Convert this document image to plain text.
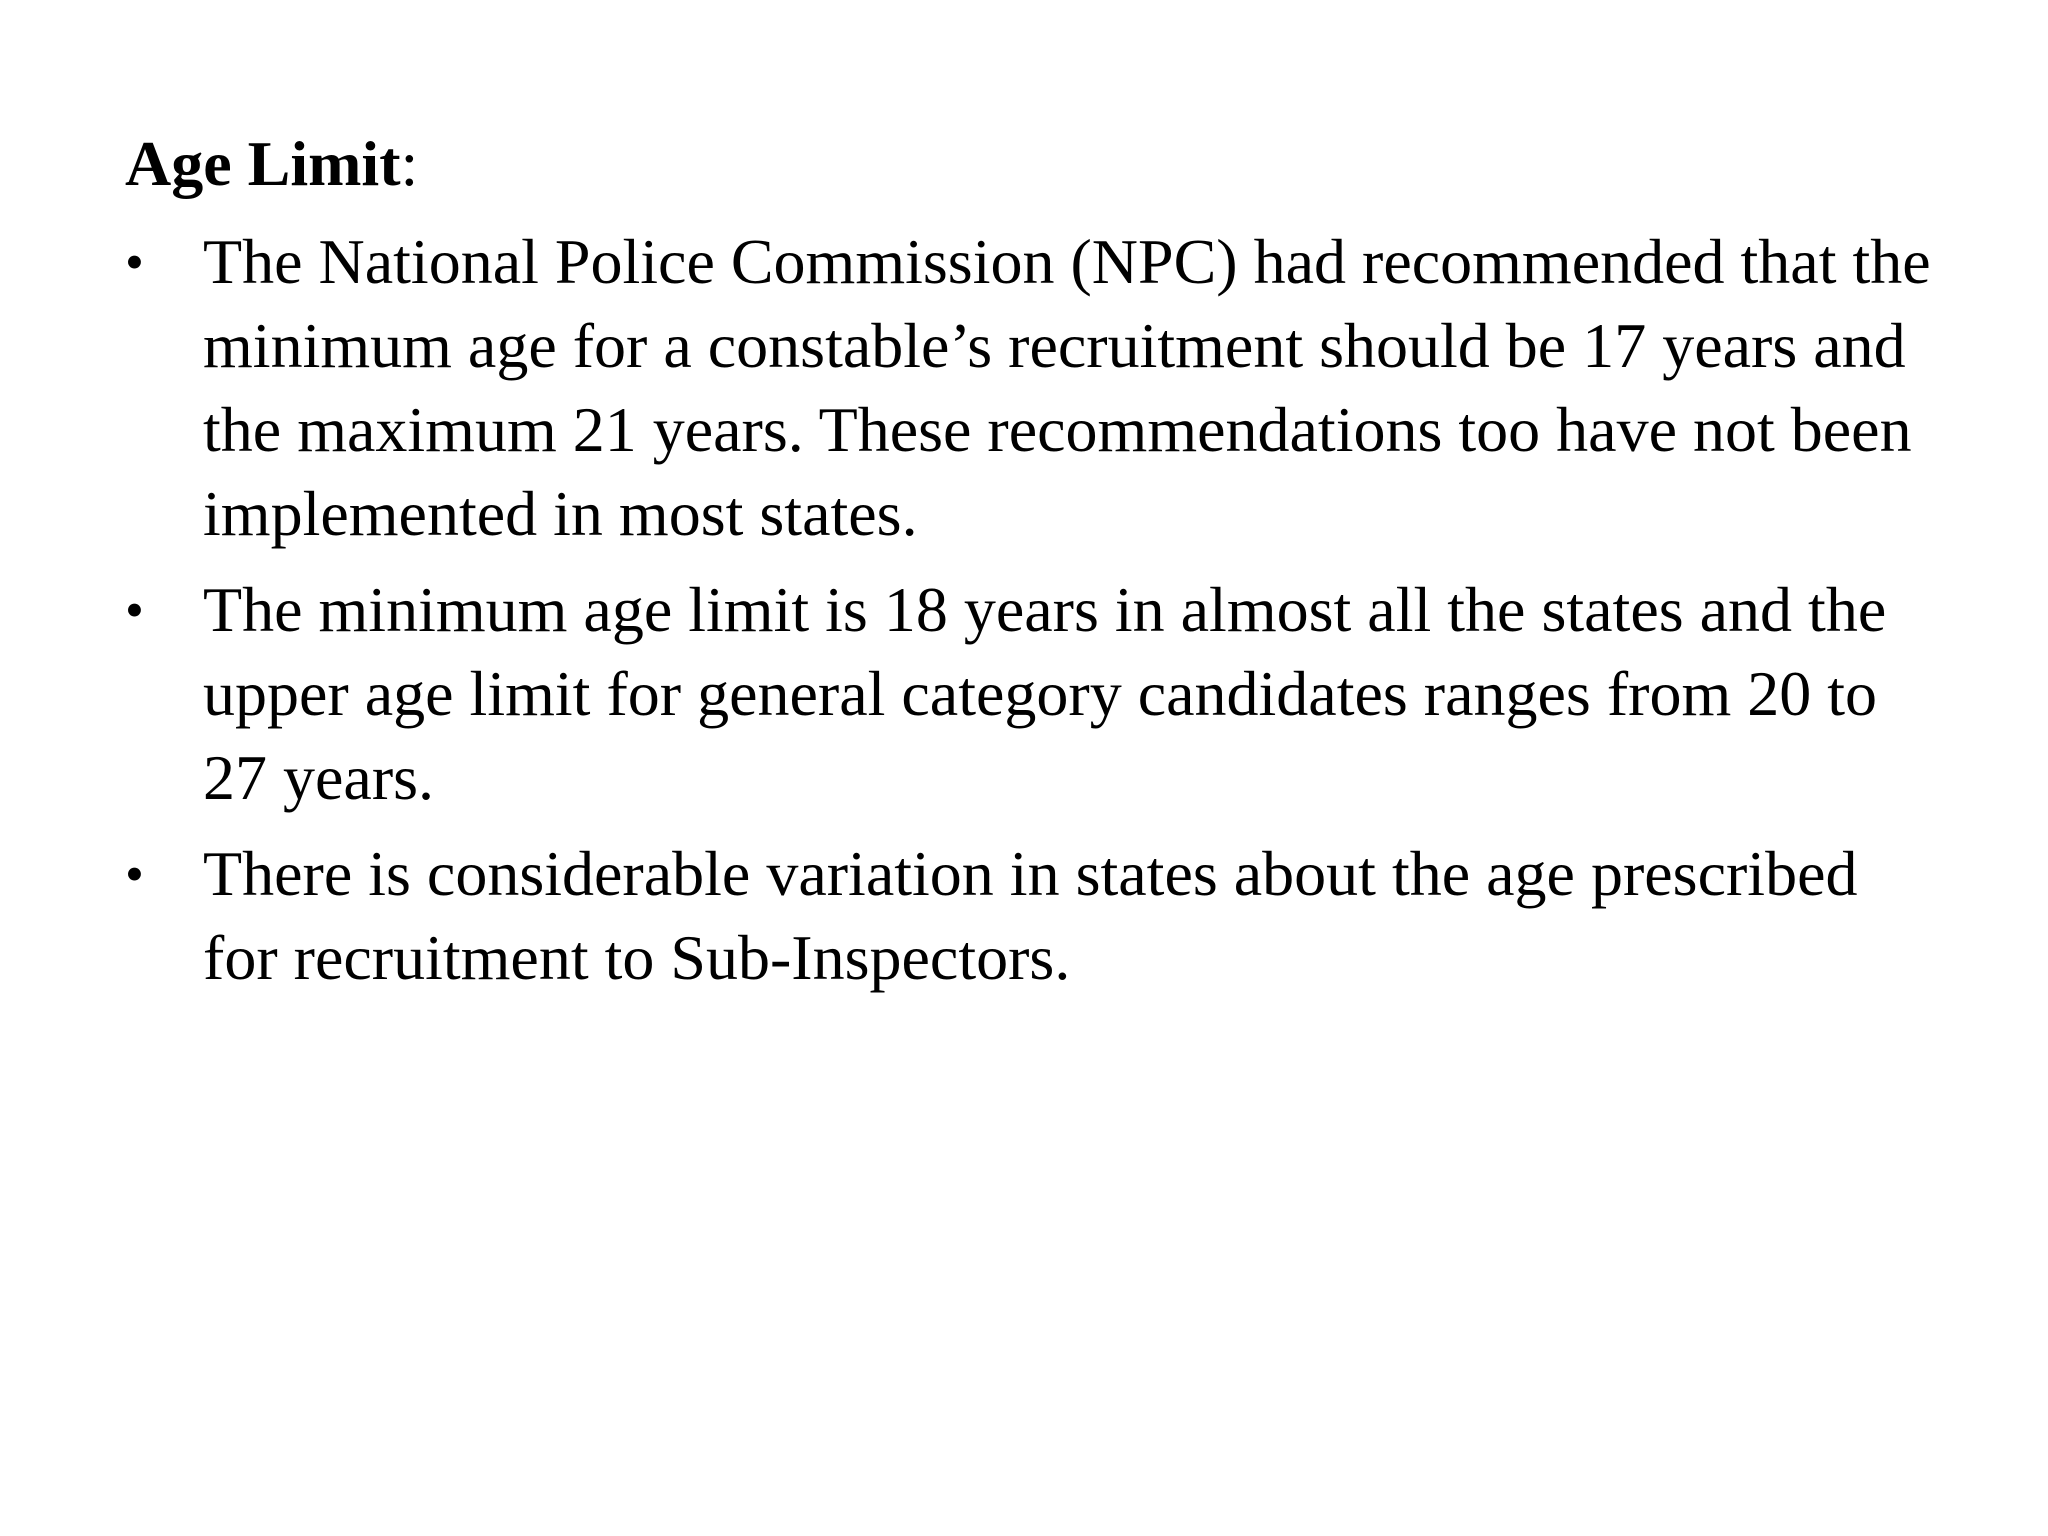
Age Limit:
• The National Police Commission (NPC) had recommended that the minimum age for a constable’s recruitment should be 17 years and the maximum 21 years. These recommendations too have not been implemented in most states.
• The minimum age limit is 18 years in almost all the states and the upper age limit for general category candidates ranges from 20 to 27 years.
• There is considerable variation in states about the age prescribed for recruitment to Sub-Inspectors.
